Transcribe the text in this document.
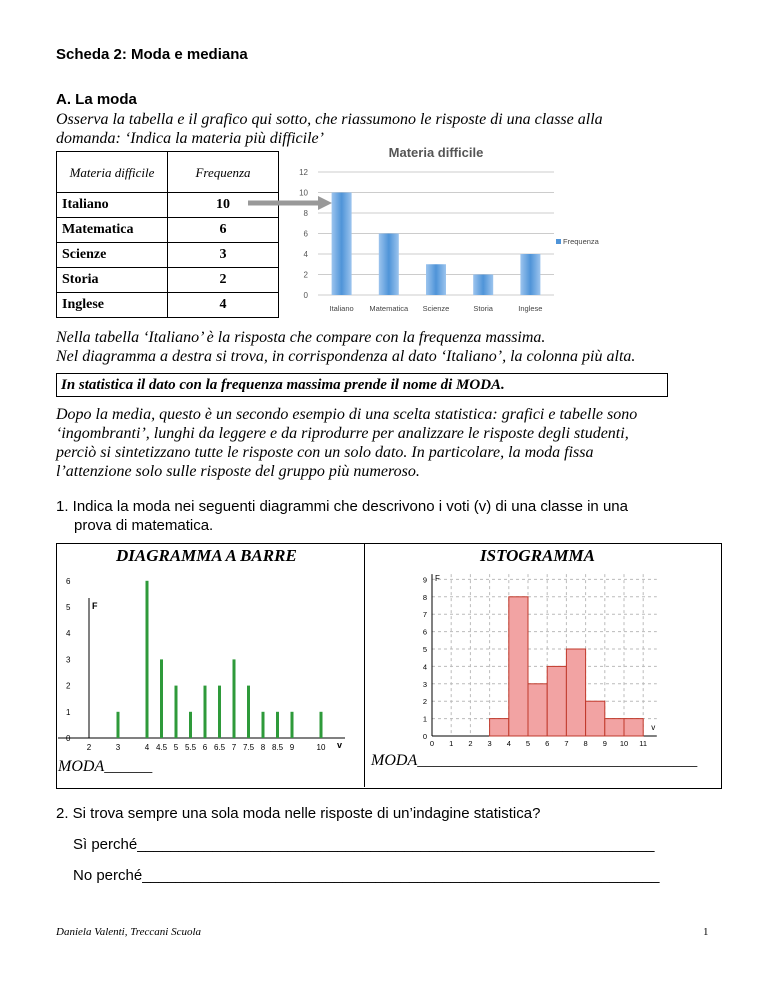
Scheda 2: Moda e mediana
A. La moda
Osserva la tabella e il grafico qui sotto, che riassumono le risposte di una classe alla
domanda: ‘Indica la materia più difficile’
Materia difficile	Frequenza
Italiano	10
Matematica	6
Scienze	3
Storia	2
Inglese	4
Materia difficile
0
2
4
6
8
10
12
Italiano Matematica Scienze	Storia	Inglese
Frequenza
Nella tabella ‘Italiano’ è la risposta che compare con la frequenza massima.
Nel diagramma a destra si trova, in corrispondenza al dato ‘Italiano’, la colonna più alta.
In statistica il dato con la frequenza massima prende il nome di MODA.
Dopo la media, questo è un secondo esempio di una scelta statistica: grafici e tabelle sono
‘ingombranti’, lunghi da leggere e da riprodurre per analizzare le risposte degli studenti,
perciò si sintetizzano tutte le risposte con un solo dato. In particolare, la moda fissa
l’attenzione solo sulle risposte del gruppo più numeroso.
1. Indica la moda nei seguenti diagrammi che descrivono i voti (v) di una classe in una
prova di matematica.
DIAGRAMMA A BARRE	ISTOGRAMMA
F
v
0
1
2
3
4
5
6
2	3	4 4.5 5 5.5 6 6.5 7 7.5 8 8.5 9	10	0 1 2 3 4 5 6 7 8 9 10 11
0
1
2
3
4
5
6
7
8
9 F
v
MODA______	MODA___________________________________
2. Si trova sempre una sola moda nelle risposte di un’indagine statistica?
Sì perché______________________________________________________________
No perché______________________________________________________________
Daniela Valenti, Treccani Scuola	1
